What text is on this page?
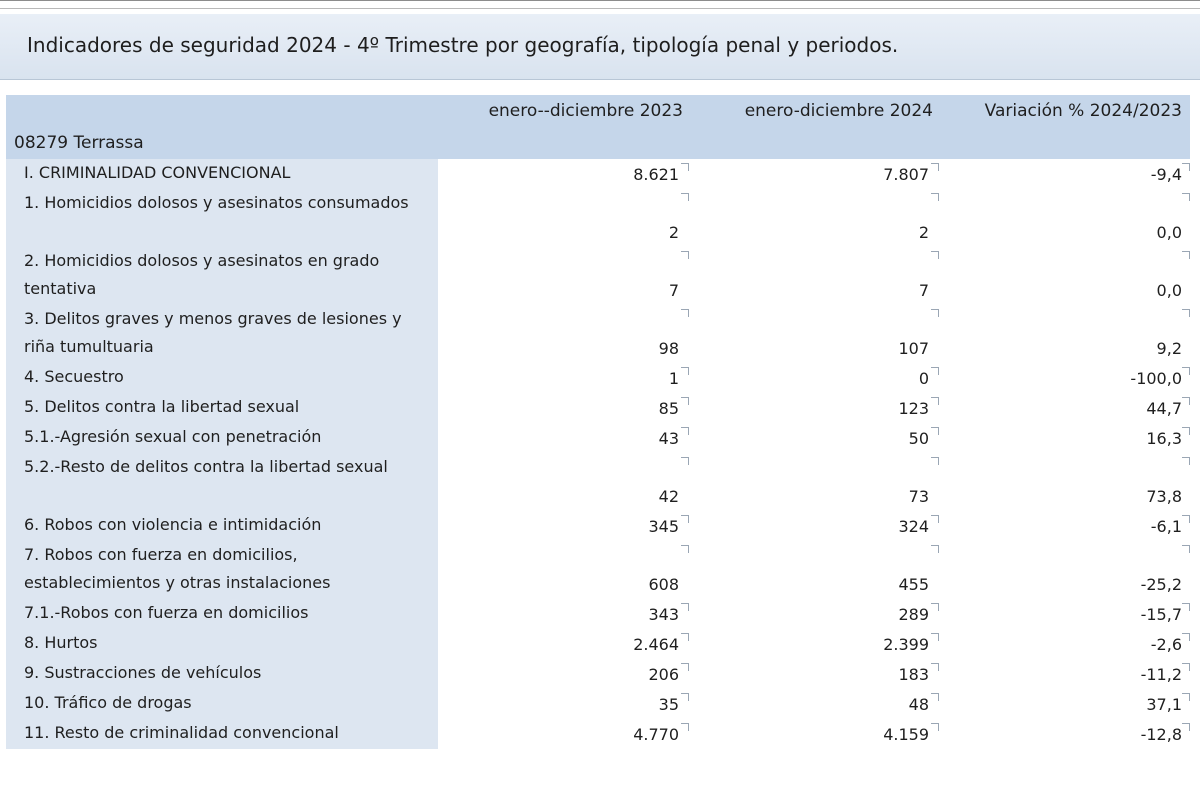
Indicadores de seguridad 2024 - 4º Trimestre por geografía, tipología penal y periodos.
08279 Terrassa	enero--diciembre 2023	enero-diciembre 2024	Variación % 2024/2023
I. CRIMINALIDAD CONVENCIONAL	8.621	7.807	-9,4
1. Homicidios dolosos y asesinatos consumados	2	2	0,0
2. Homicidios dolosos y asesinatos en grado tentativa	7	7	0,0
3. Delitos graves y menos graves de lesiones y riña tumultuaria	98	107	9,2
4. Secuestro	1	0	-100,0
5. Delitos contra la libertad sexual	85	123	44,7
5.1.-Agresión sexual con penetración	43	50	16,3
5.2.-Resto de delitos contra la libertad sexual	42	73	73,8
6. Robos con violencia e intimidación	345	324	-6,1
7. Robos con fuerza en domicilios, establecimientos y otras instalaciones	608	455	-25,2
7.1.-Robos con fuerza en domicilios	343	289	-15,7
8. Hurtos	2.464	2.399	-2,6
9. Sustracciones de vehículos	206	183	-11,2
10. Tráfico de drogas	35	48	37,1
11. Resto de criminalidad convencional	4.770	4.159	-12,8
